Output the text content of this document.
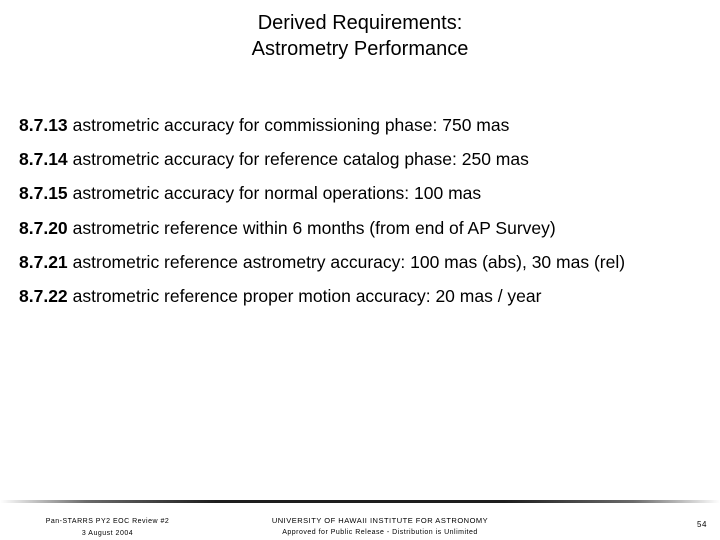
Derived Requirements:
Astrometry Performance
8.7.13 astrometric accuracy for commissioning phase: 750 mas
8.7.14 astrometric accuracy for reference catalog phase: 250 mas
8.7.15 astrometric accuracy for normal operations: 100 mas
8.7.20 astrometric reference within 6 months (from end of AP Survey)
8.7.21 astrometric reference astrometry accuracy: 100 mas (abs), 30 mas (rel)
8.7.22 astrometric reference proper motion accuracy: 20 mas / year
Pan-STARRS PY2 EOC Review #2
3 August 2004
UNIVERSITY OF HAWAII INSTITUTE FOR ASTRONOMY
Approved for Public Release - Distribution is Unlimited
54
